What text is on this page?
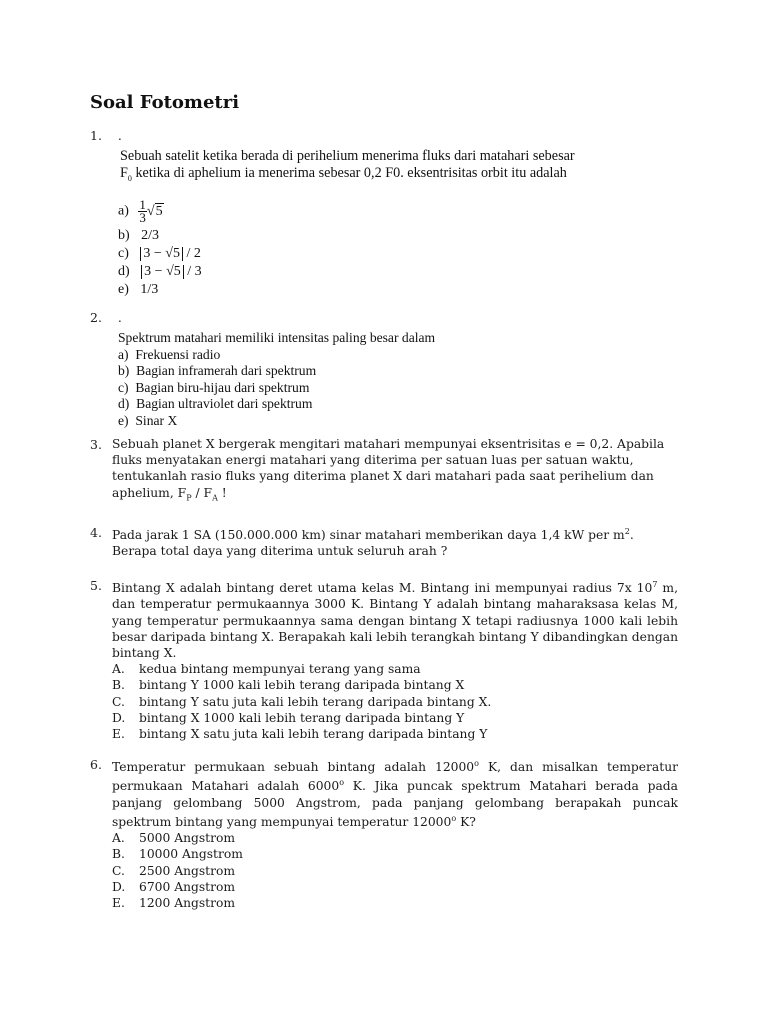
Soal Fotometri
1. .
Sebuah satelit ketika berada di perihelium menerima fluks dari matahari sebesar
$F_0$ ketika di aphelium ia menerima sebesar 0,2 F0. eksentrisitas orbit itu adalah
$a) \frac{1}{3} √5$
b) 2/3
c) 3 − √5 / 2
d) 3 − √5 / 3
e) 1/3
2. .
Spektrum matahari memiliki intensitas paling besar dalam
a) Frekuensi radio
b) Bagian inframerah dari spektrum
c) Bagian biru-hijau dari spektrum
d) Bagian ultraviolet dari spektrum
e) Sinar X
3. Sebuah planet X bergerak mengitari matahari mempunyai eksentrisitas e = 0,2. Apabila fluks menyatakan energi matahari yang diterima per satuan luas per satuan waktu, tentukanlah rasio fluks yang diterima planet X dari matahari pada saat perihelium dan aphelium, $F_P / F_A$ !

4. Pada jarak 1 SA (150.000.000 km) sinar matahari memberikan daya 1,4 kW per $m^2$. Berapa total daya yang diterima untuk seluruh arah ?

5. Bintang X adalah bintang deret utama kelas M. Bintang ini mempunyai radius 7x $10^7$ m, dan temperatur permukaannya 3000 K. Bintang Y adalah bintang maharaksasa kelas M, yang temperatur permukaannya sama dengan bintang X tetapi radiusnya 1000 kali lebih besar daripada bintang X. Berapakah kali lebih terangkah bintang Y dibandingkan dengan bintang X.

A. kedua bintang mempunyai terang yang sama
B. bintang Y 1000 kali lebih terang daripada bintang X
C. bintang Y satu juta kali lebih terang daripada bintang X.
D. bintang X 1000 kali lebih terang daripada bintang Y
E. bintang X satu juta kali lebih terang daripada bintang Y
6. Temperatur permukaan sebuah bintang adalah 12000$^o$ K, dan misalkan temperatur permukaan Matahari adalah 6000$^o$ K. Jika puncak spektrum Matahari berada pada panjang gelombang 5000 Angstrom, pada panjang gelombang berapakah puncak spektrum bintang yang mempunyai temperatur 12000$^o$ K?

A. 5000 Angstrom
B. 10000 Angstrom
C. 2500 Angstrom
D. 6700 Angstrom
E. 1200 Angstrom
